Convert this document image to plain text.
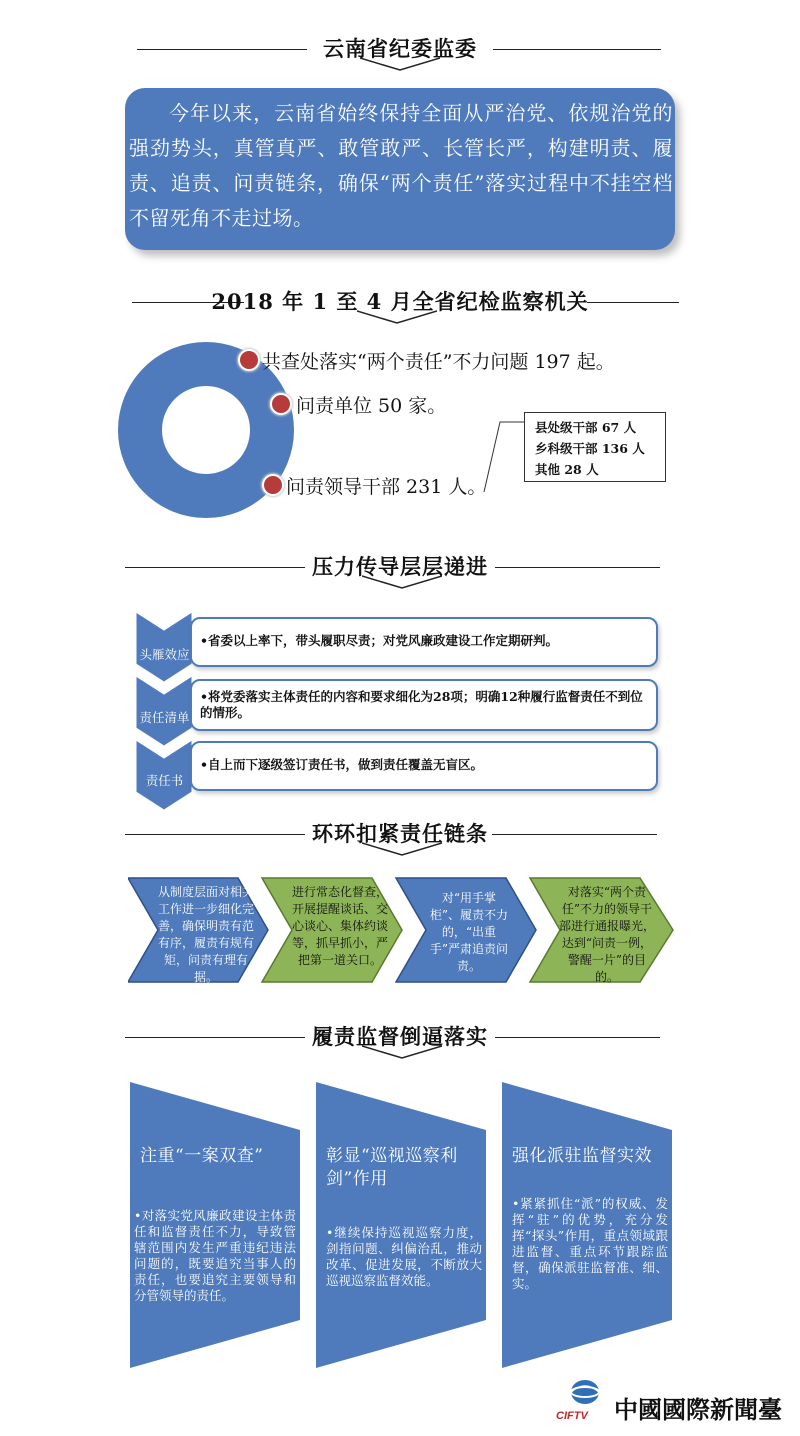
云南省纪委监委

今年以来，云南省始终保持全面从严治党、依规治党的强劲势头，真管真严、敢管敢严、长管长严，构建明责、履责、追责、问责链条，确保“两个责任”落实过程中不挂空档不留死角不走过场。

2018 年 1 至 4 月全省纪检监察机关
共查处落实“两个责任”不力问题 197 起。
问责单位 50 家。
问责领导干部 231 人。
县处级干部 67 人
乡科级干部 136 人
其他 28 人
压力传导层层递进
头雁效应
责任清单
责任书
•省委以上率下，带头履职尽责；对党风廉政建设工作定期研判。
•将党委落实主体责任的内容和要求细化为28项；明确12种履行监督责任不到位的情形。
•自上而下逐级签订责任书，做到责任覆盖无盲区。
环环扣紧责任链条
从制度层面对相关工作进一步细化完善，确保明责有范有序，履责有规有矩，问责有理有据。
进行常态化督查，开展提醒谈话、交心谈心、集体约谈等，抓早抓小，严把第一道关口。
对“用手掌柜”、履责不力的，“出重手”严肃追责问责。
对落实“两个责任”不力的领导干部进行通报曝光，达到“问责一例，警醒一片”的目的。
履责监督倒逼落实
注重“一案双查”
•对落实党风廉政建设主体责任和监督责任不力，导致管辖范围内发生严重违纪违法问题的，既要追究当事人的责任，也要追究主要领导和分管领导的责任。
彰显“巡视巡察利剑”作用
•继续保持巡视巡察力度，剑指问题、纠偏治乱，推动改革、促进发展，不断放大巡视巡察监督效能。
强化派驻监督实效
•紧紧抓住“派”的权威、发挥“驻”的优势，充分发挥“探头”作用，重点领域跟进监督、重点环节跟踪监督，确保派驻监督准、细、实。
CIFTV 中國國際新聞臺
